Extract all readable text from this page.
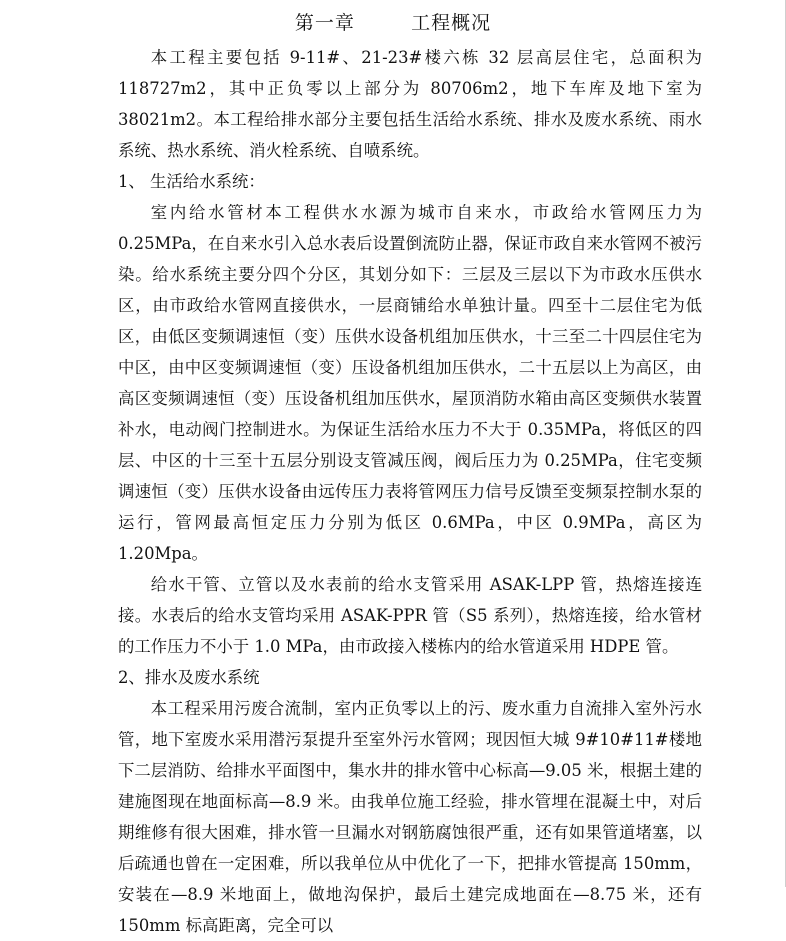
第一章        工程概况

本工程主要包括 9-11#、21-23#楼六栋 32 层高层住宅，总面积为 118727m2，其中正负零以上部分为 80706m2，地下车库及地下室为 38021m2。本工程给排水部分主要包括生活给水系统、排水及废水系统、雨水系统、热水系统、消火栓系统、自喷系统。

1、 生活给水系统：

室内给水管材本工程供水水源为城市自来水，市政给水管网压力为 0.25MPa，在自来水引入总水表后设置倒流防止器，保证市政自来水管网不被污染。给水系统主要分四个分区，其划分如下：三层及三层以下为市政水压供水区，由市政给水管网直接供水，一层商铺给水单独计量。四至十二层住宅为低区，由低区变频调速恒（变）压供水设备机组加压供水，十三至二十四层住宅为中区，由中区变频调速恒（变）压设备机组加压供水，二十五层以上为高区，由高区变频调速恒（变）压设备机组加压供水，屋顶消防水箱由高区变频供水装置补水，电动阀门控制进水。为保证生活给水压力不大于 0.35MPa，将低区的四层、中区的十三至十五层分别设支管减压阀，阀后压力为 0.25MPa，住宅变频调速恒（变）压供水设备由远传压力表将管网压力信号反馈至变频泵控制水泵的运行，管网最高恒定压力分别为低区 0.6MPa，中区 0.9MPa，高区为 1.20Mpa。

给水干管、立管以及水表前的给水支管采用 ASAK-LPP 管，热熔连接连接。水表后的给水支管均采用 ASAK-PPR 管（S5 系列），热熔连接，给水管材的工作压力不小于 1.0 MPa，由市政接入楼栋内的给水管道采用 HDPE 管。

2、排水及废水系统

本工程采用污废合流制，室内正负零以上的污、废水重力自流排入室外污水管，地下室废水采用潜污泵提升至室外污水管网；现因恒大城 9#10#11#楼地下二层消防、给排水平面图中，集水井的排水管中心标高—9.05 米，根据土建的建施图现在地面标高—8.9 米。由我单位施工经验，排水管埋在混凝土中，对后期维修有很大困难，排水管一旦漏水对钢筋腐蚀很严重，还有如果管道堵塞，以后疏通也曾在一定困难，所以我单位从中优化了一下，把排水管提高 150mm，安装在—8.9 米地面上，做地沟保护，最后土建完成地面在—8.75 米，还有 150mm 标高距离，完全可以
